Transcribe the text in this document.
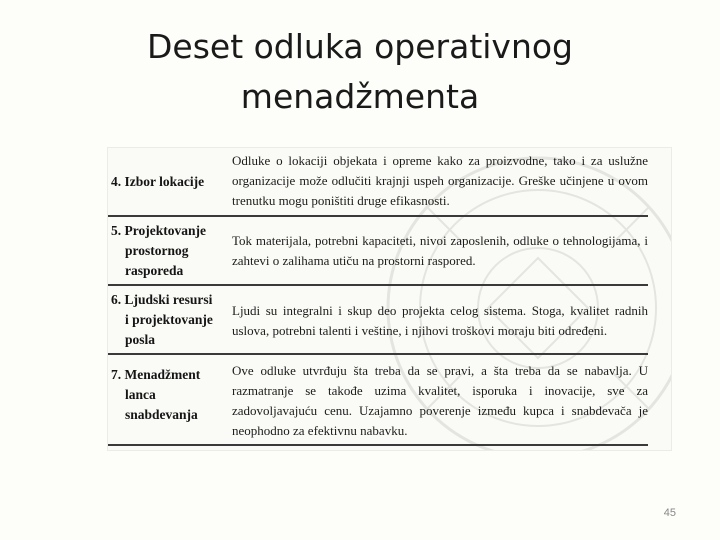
Deset odluka operativnog
menadžmenta
4. Izbor lokacije
Odluke o lokaciji objekata i opreme kako za proizvodne, tako i za uslužne organizacije može odlučiti krajnji uspeh organizacije. Greške učinjene u ovom trenutku mogu poništiti druge efikasnosti.
5. Projektovanje
prostornog
rasporeda
Tok materijala, potrebni kapaciteti, nivoi zaposlenih, odluke o tehnologijama, i zahtevi o zalihama utiču na prostorni raspored.
6. Ljudski resursi
i projektovanje
posla
Ljudi su integralni i skup deo projekta celog sistema. Stoga, kvalitet radnih uslova, potrebni talenti i veštine, i njihovi troškovi moraju biti određeni.
7. Menadžment
lanca
snabdevanja
Ove odluke utvrđuju šta treba da se pravi, a šta treba da se nabavlja. U razmatranje se takođe uzima kvalitet, isporuka i inovacije, sve za zadovoljavajuću cenu. Uzajamno poverenje između kupca i snabdevača je neophodno za efektivnu nabavku.
45
